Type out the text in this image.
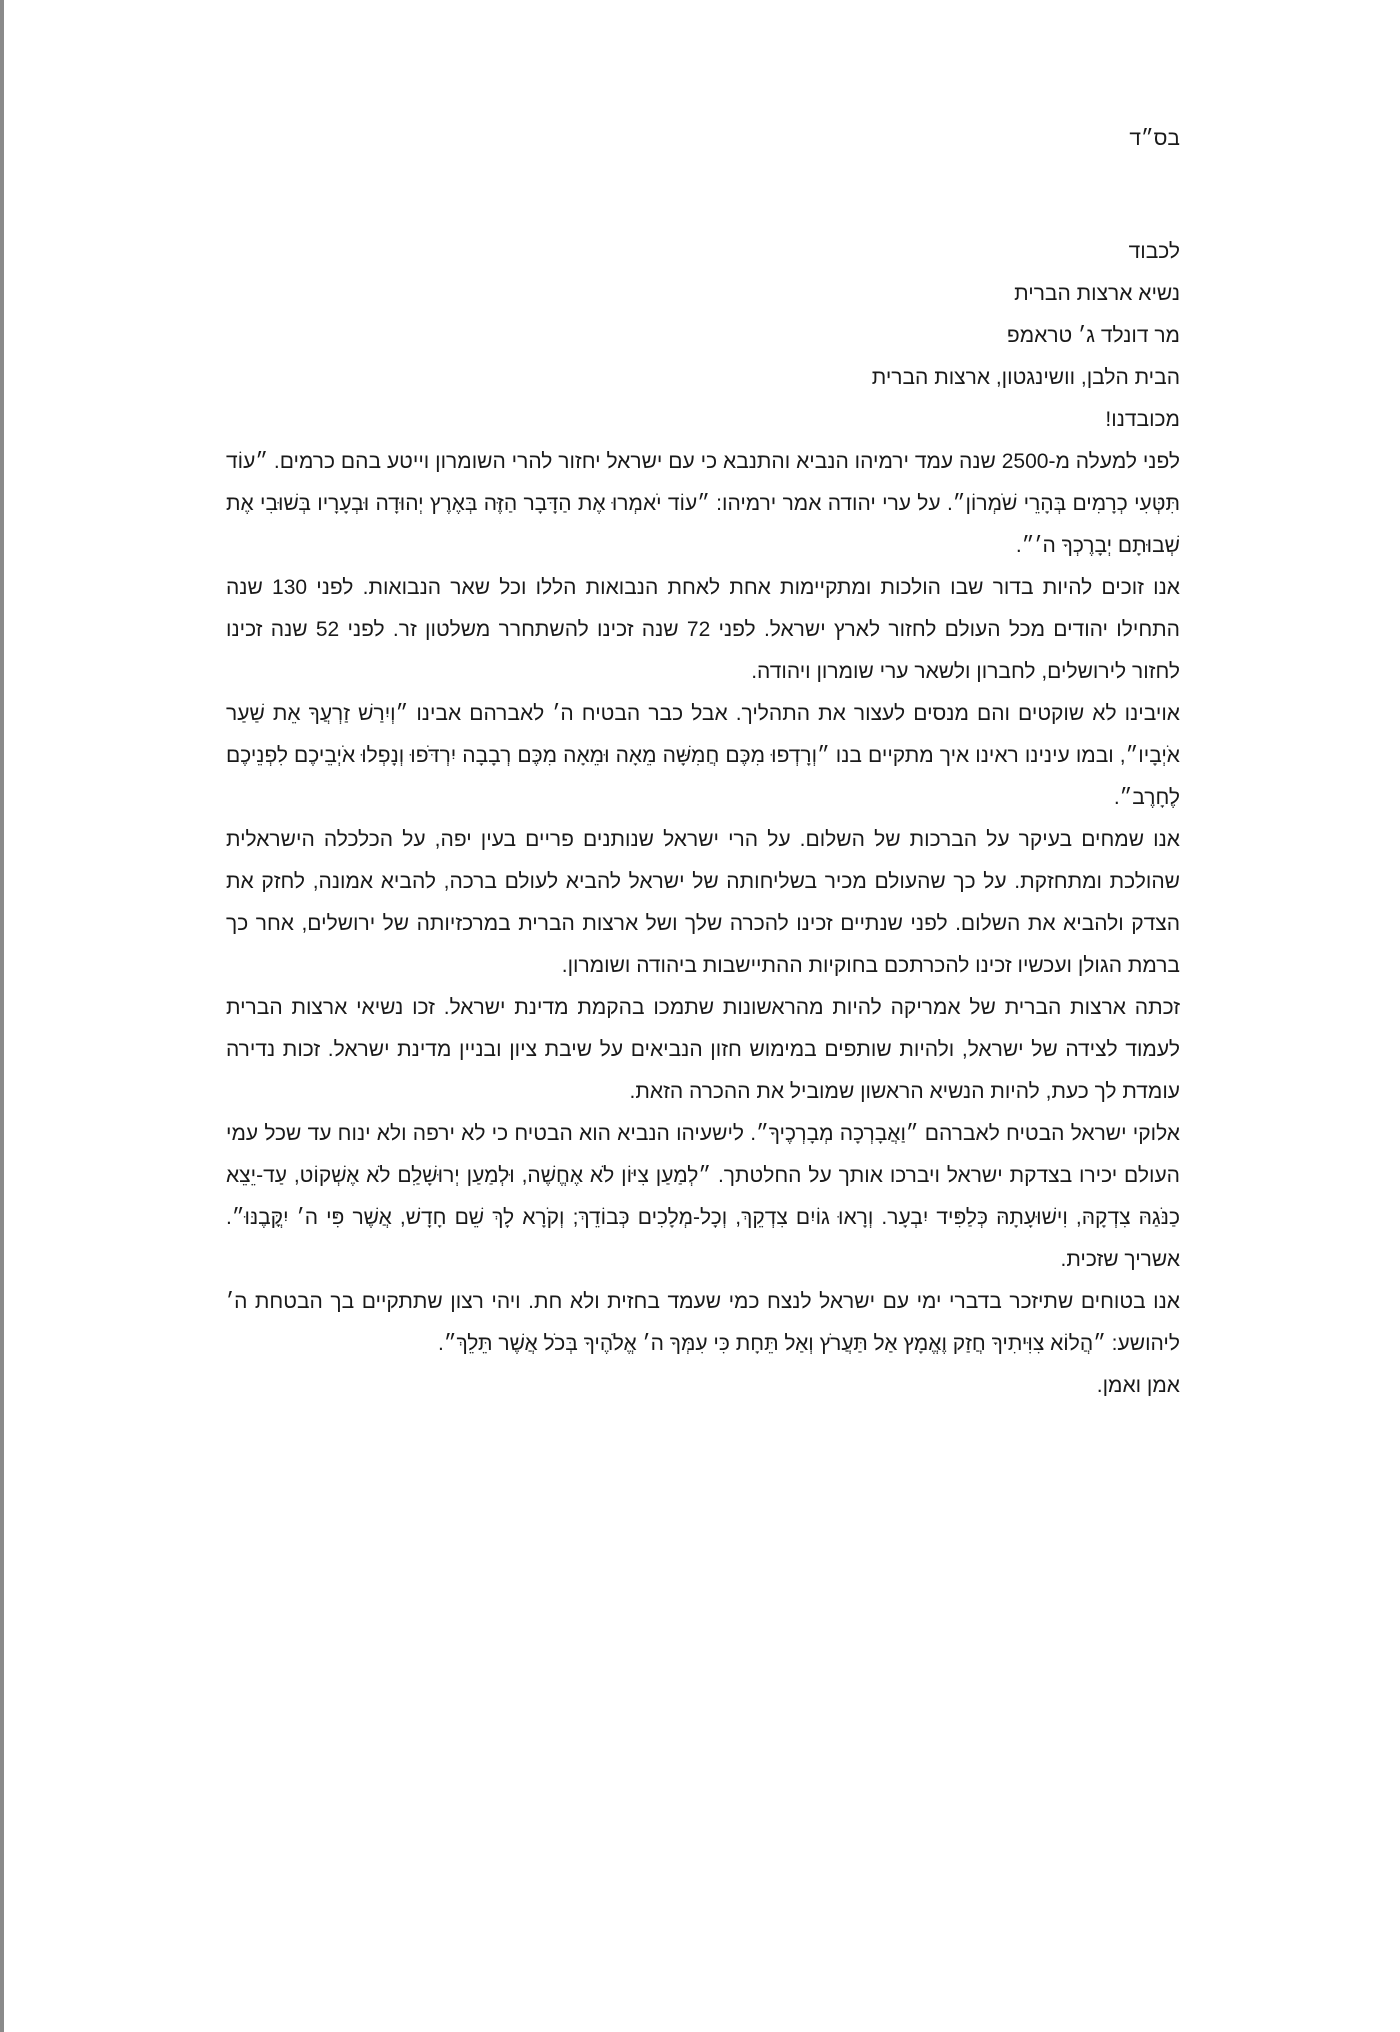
בס״ד

לכבוד

נשיא ארצות הברית

מר דונלד ג׳ טראמפ

הבית הלבן, וושינגטון, ארצות הברית

מכובדנו!

לפני למעלה מ-2500 שנה עמד ירמיהו הנביא והתנבא כי עם ישראל יחזור להרי השומרון וייטע בהם כרמים. ״עוֹד תִּטְּעִי כְרָמִים בְּהָרֵי שֹׁמְרוֹן״. על ערי יהודה אמר ירמיהו: ״עוֹד יֹאמְרוּ אֶת הַדָּבָר הַזֶּה בְּאֶרֶץ יְהוּדָה וּבְעָרָיו בְּשׁוּבִי אֶת שְׁבוּתָם יְבָרֶכְךָ ה׳״.

אנו זוכים להיות בדור שבו הולכות ומתקיימות אחת לאחת הנבואות הללו וכל שאר הנבואות. לפני 130 שנה התחילו יהודים מכל העולם לחזור לארץ ישראל. לפני 72 שנה זכינו להשתחרר משלטון זר. לפני 52 שנה זכינו לחזור לירושלים, לחברון ולשאר ערי שומרון ויהודה.

אויבינו לא שוקטים והם מנסים לעצור את התהליך. אבל כבר הבטיח ה׳ לאברהם אבינו ״וְיִרַשׁ זַרְעֲךָ אֵת שַׁעַר אֹיְבָיו״, ובמו עינינו ראינו איך מתקיים בנו ״וְרָדְפוּ מִכֶּם חֲמִשָּׁה מֵאָה וּמֵאָה מִכֶּם רְבָבָה יִרְדֹּפוּ וְנָפְלוּ אֹיְבֵיכֶם לִפְנֵיכֶם לֶחָרֶב״.

אנו שמחים בעיקר על הברכות של השלום. על הרי ישראל שנותנים פריים בעין יפה, על הכלכלה הישראלית שהולכת ומתחזקת. על כך שהעולם מכיר בשליחותה של ישראל להביא לעולם ברכה, להביא אמונה, לחזק את הצדק ולהביא את השלום. לפני שנתיים זכינו להכרה שלך ושל ארצות הברית במרכזיותה של ירושלים, אחר כך ברמת הגולן ועכשיו זכינו להכרתכם בחוקיות ההתיישבות ביהודה ושומרון.

זכתה ארצות הברית של אמריקה להיות מהראשונות שתמכו בהקמת מדינת ישראל. זכו נשיאי ארצות הברית לעמוד לצידה של ישראל, ולהיות שותפים במימוש חזון הנביאים על שיבת ציון ובניין מדינת ישראל. זכות נדירה עומדת לך כעת, להיות הנשיא הראשון שמוביל את ההכרה הזאת.

אלוקי ישראל הבטיח לאברהם ״וַאֲבָרְכָה מְבָרְכֶיךָ״. לישעיהו הנביא הוא הבטיח כי לא ירפה ולא ינוח עד שכל עמי העולם יכירו בצדקת ישראל ויברכו אותך על החלטתך. ״לְמַעַן צִיּוֹן לֹא אֶחֱשֶׁה, וּלְמַעַן יְרוּשָׁלִַם לֹא אֶשְׁקוֹט, עַד-יֵצֵא כַנֹּגַהּ צִדְקָהּ, וִישׁוּעָתָהּ כְּלַפִּיד יִבְעָר. וְרָאוּ גוֹיִם צִדְקֵךְ, וְכָל-מְלָכִים כְּבוֹדֵךְ; וְקֹרָא לָךְ שֵׁם חָדָשׁ, אֲשֶׁר פִּי ה׳ יִקֳּבֶנּוּ״. אשריך שזכית.

אנו בטוחים שתיזכר בדברי ימי עם ישראל לנצח כמי שעמד בחזית ולא חת. ויהי רצון שתתקיים בך הבטחת ה׳ ליהושע: ״הֲלוֹא צִוִּיתִיךָ חֲזַק וֶאֱמָץ אַל תַּעֲרֹץ וְאַל תֵּחָת כִּי עִמְּךָ ה׳ אֱלֹהֶיךָ בְּכֹל אֲשֶׁר תֵּלֵךְ״.

אמן ואמן.
